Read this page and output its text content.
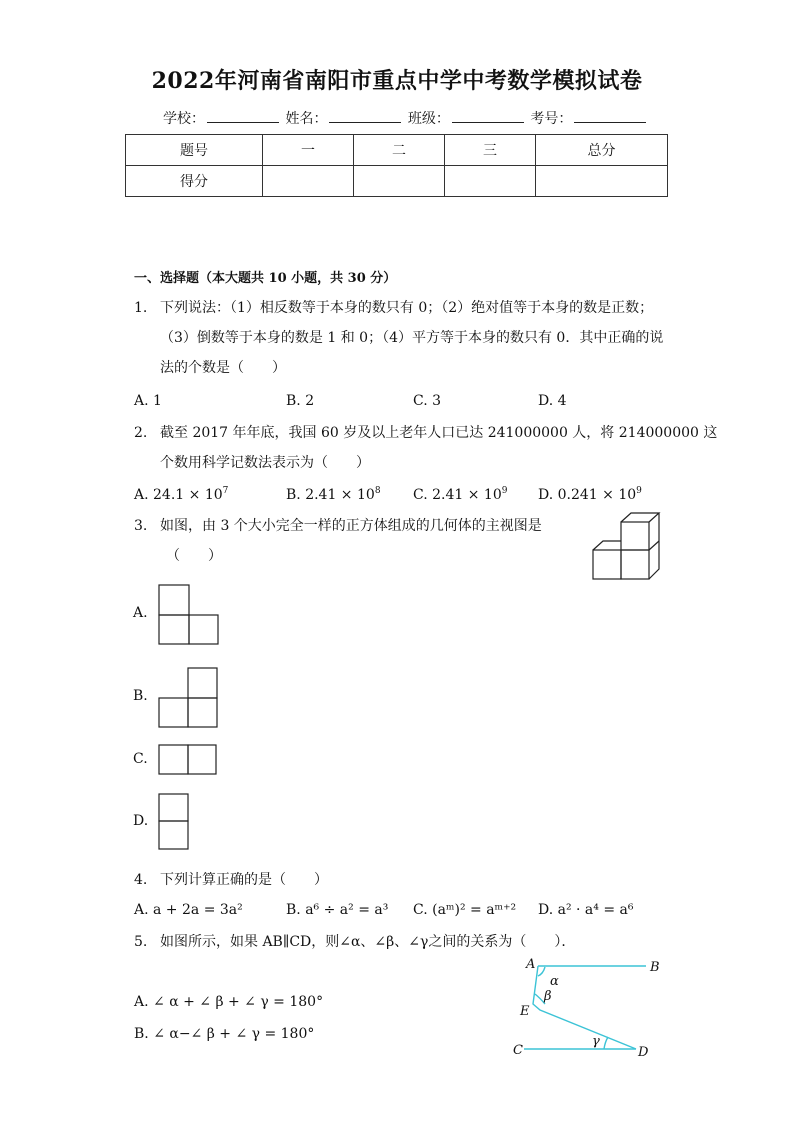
2022年河南省南阳市重点中学中考数学模拟试卷
学校：	姓名：	班级：	考号：
题号	一	二	三	总分
得分				
一、选择题（本大题共 10 小题，共 30 分）
1. 下列说法：（1）相反数等于本身的数只有 0；（2）绝对值等于本身的数是正数；
（3）倒数等于本身的数是 1 和 0；（4）平方等于本身的数只有 0．其中正确的说
法的个数是（　　）
A. 1	B. 2	C. 3	D. 4
2. 截至 2017 年年底，我国 60 岁及以上老年人口已达 241000000 人，将 214000000 这
个数用科学记数法表示为（　　）
A. $24.1 \times 10^7$	B. $2.41 \times 10^8$ C. $2.41 \times 10^9$ D. $0.241 \times 10^9$
3. 如图，由 3 个大小完全一样的正方体组成的几何体的主视图是
（　　）
A.
B.
C.
D.
4. 下列计算正确的是（　　）
A. a + 2a = 3a²	B. a⁶ ÷ a² = a³ C. (aᵐ)² = aᵐ⁺² D. a² · a⁴ = a⁶
5. 如图所示，如果 AB∥CD，则∠α、∠β、∠γ之间的关系为（　　）．
A. ∠ α + ∠ β + ∠ γ = 180°
B. ∠ α−∠ β + ∠ γ = 180°
A	B
C	D
E
α
β
γ
